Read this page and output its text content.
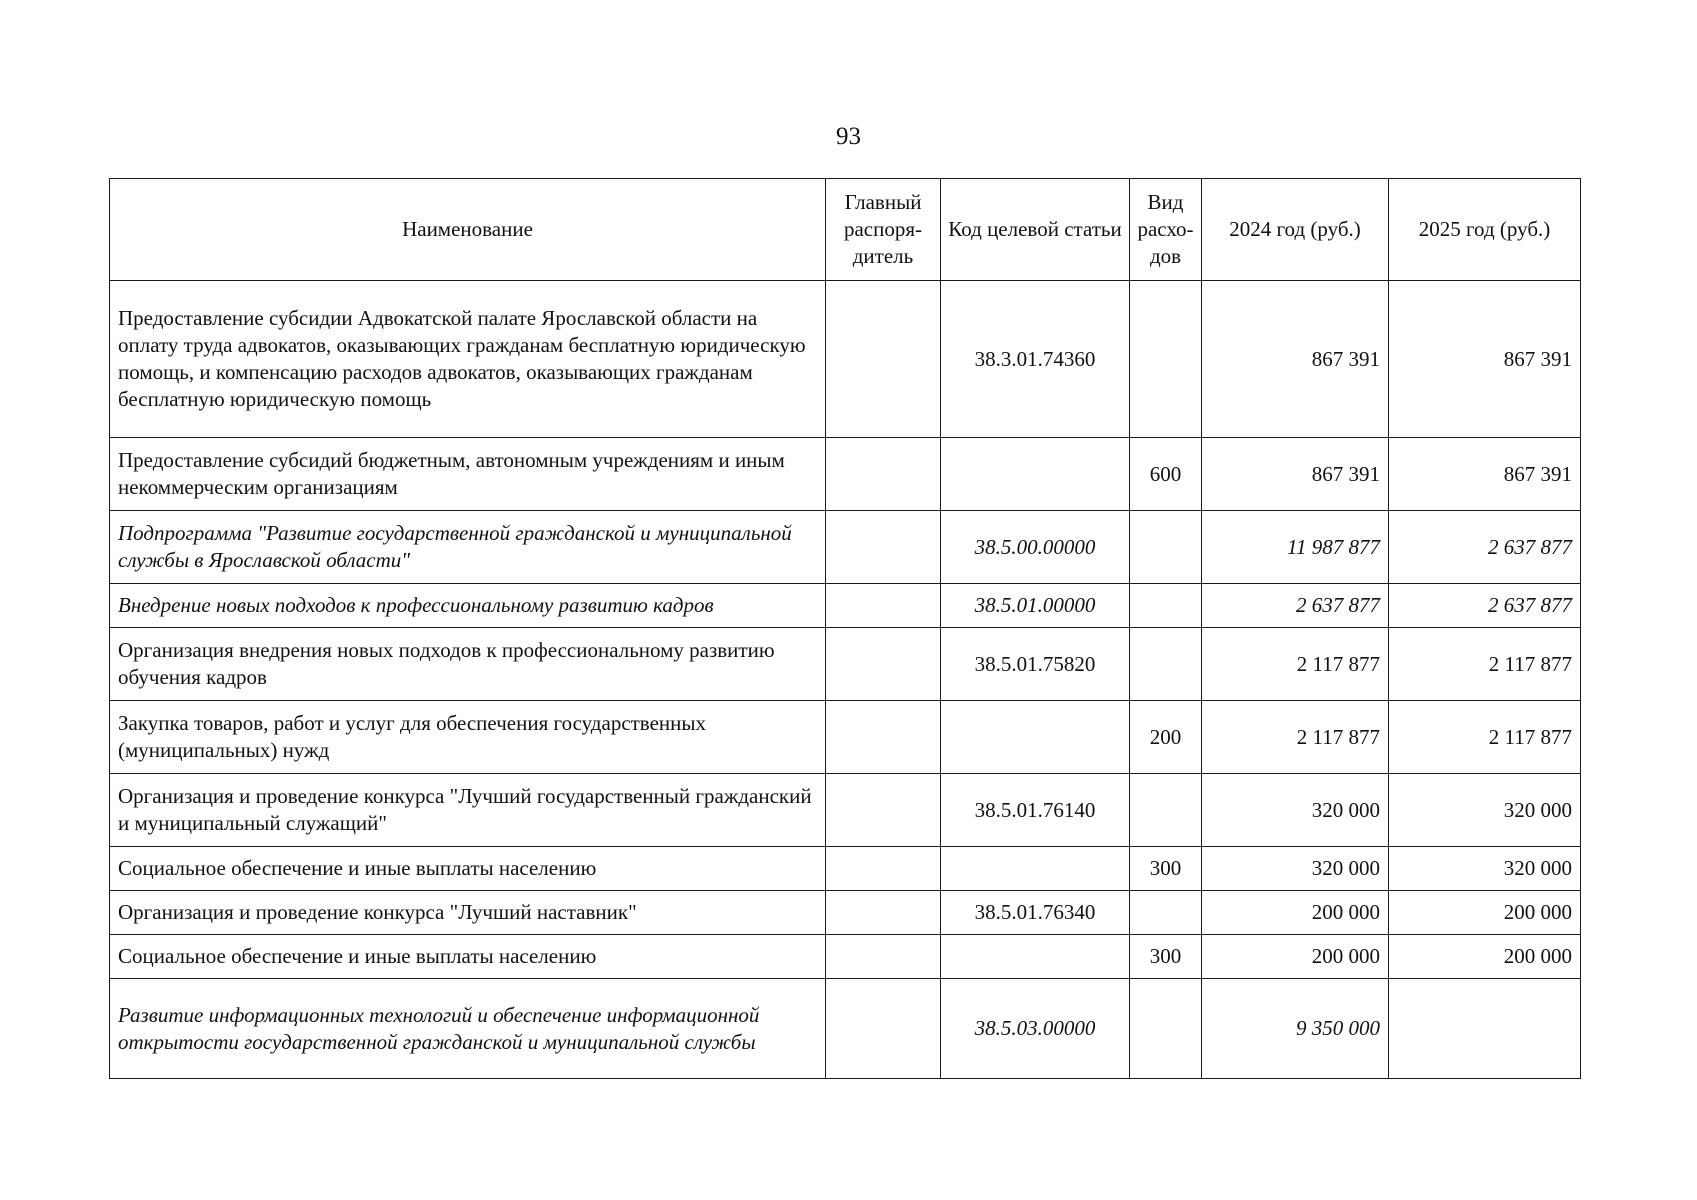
93
Наименование	Главный распоря-дитель	Код целевой статьи	Вид расхо-дов	2024 год (руб.)	2025 год (руб.)
Предоставление субсидии Адвокатской палате Ярославской области на оплату труда адвокатов, оказывающих гражданам бесплатную юридическую помощь, и компенсацию расходов адвокатов, оказывающих гражданам бесплатную юридическую помощь		38.3.01.74360		867 391	867 391
Предоставление субсидий бюджетным, автономным учреждениям и иным некоммерческим организациям			600	867 391	867 391
Подпрограмма "Развитие государственной гражданской и муниципальной службы в Ярославской области"		38.5.00.00000		11 987 877	2 637 877
Внедрение новых подходов к профессиональному развитию кадров		38.5.01.00000		2 637 877	2 637 877
Организация внедрения новых подходов к профессиональному развитию обучения кадров		38.5.01.75820		2 117 877	2 117 877
Закупка товаров, работ и услуг для обеспечения государственных (муниципальных) нужд			200	2 117 877	2 117 877
Организация и проведение конкурса "Лучший государственный гражданский и муниципальный служащий"		38.5.01.76140		320 000	320 000
Социальное обеспечение и иные выплаты населению			300	320 000	320 000
Организация и проведение конкурса "Лучший наставник"		38.5.01.76340		200 000	200 000
Социальное обеспечение и иные выплаты населению			300	200 000	200 000
Развитие информационных технологий и обеспечение информационной открытости государственной гражданской и муниципальной службы		38.5.03.00000		9 350 000	
